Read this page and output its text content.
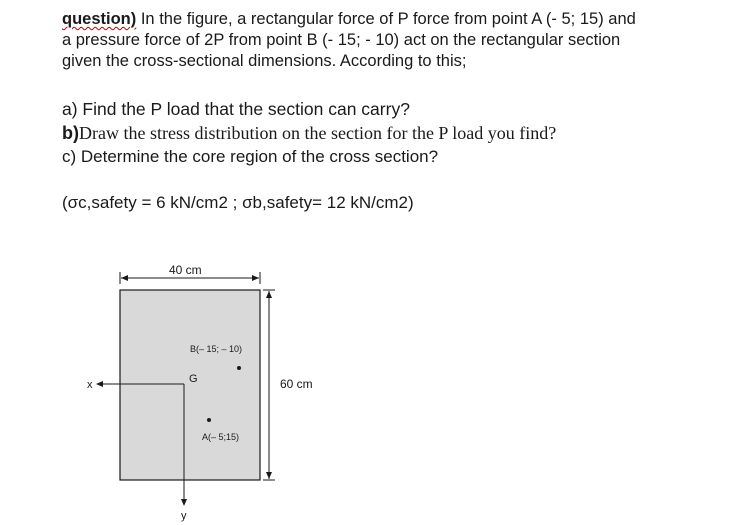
question) In the figure, a rectangular force of P force from point A (- 5; 15) and
a pressure force of 2P from point B (- 15; - 10) act on the rectangular section
given the cross-sectional dimensions. According to this;
a) Find the P load that the section can carry?
b)Draw the stress distribution on the section for the P load you find?
c) Determine the core region of the cross section?
(σc,safety = 6 kN/cm2 ; σb,safety= 12 kN/cm2)
40 cm
60 cm
x
y
G
B(– 15; – 10)
A(– 5;15)
